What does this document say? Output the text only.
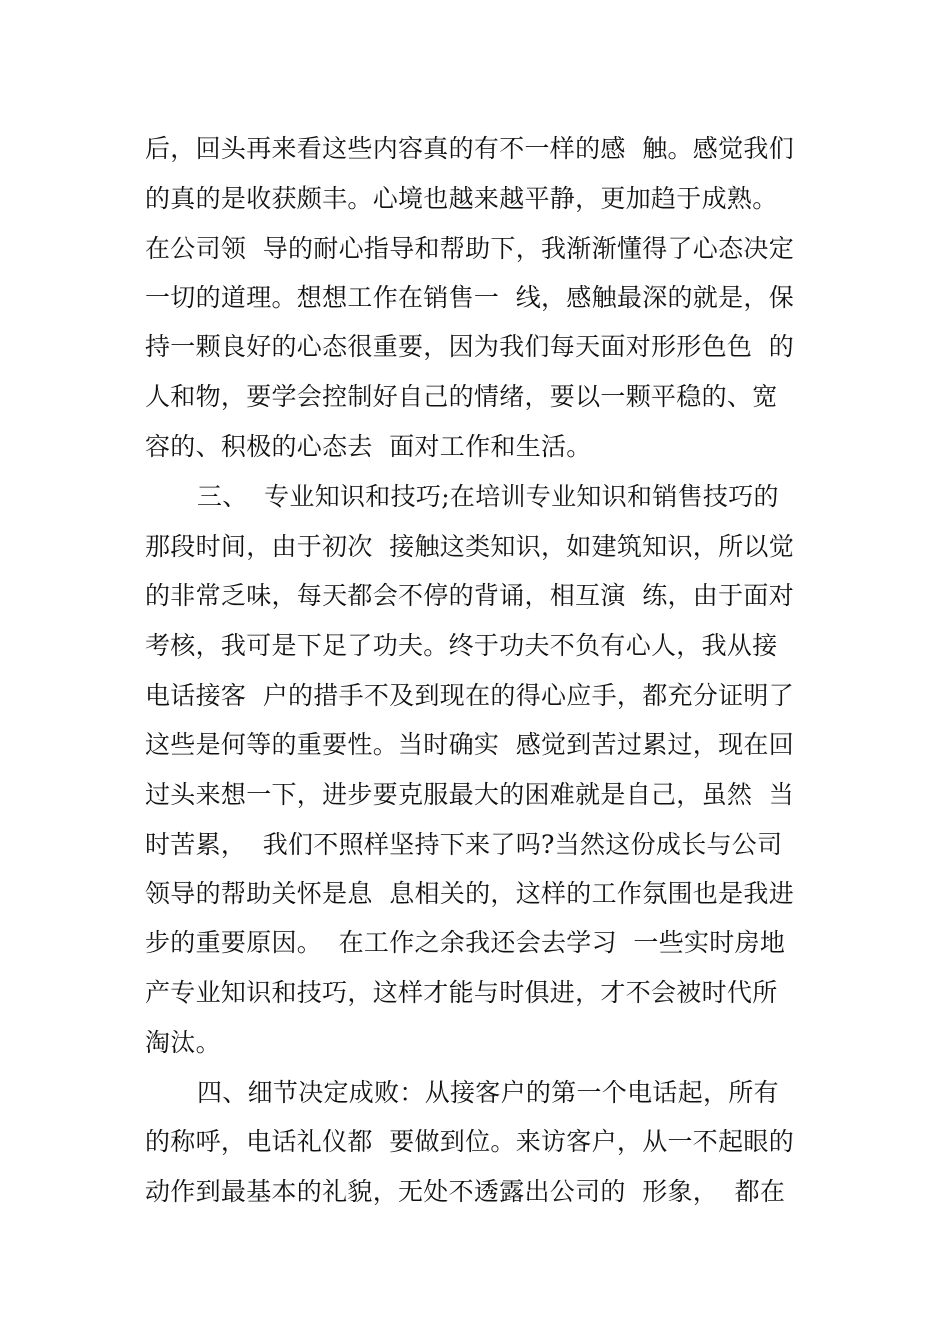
后，回头再来看这些内容真的有不一样的感  触。感觉我们
的真的是收获颇丰。心境也越来越平静，更加趋于成熟。
在公司领  导的耐心指导和帮助下，我渐渐懂得了心态决定
一切的道理。想想工作在销售一  线，感触最深的就是，保
持一颗良好的心态很重要，因为我们每天面对形形色色  的
人和物，要学会控制好自己的情绪，要以一颗平稳的、宽
容的、积极的心态去  面对工作和生活。
三、  专业知识和技巧;在培训专业知识和销售技巧的
那段时间，由于初次  接触这类知识，如建筑知识，所以觉
的非常乏味，每天都会不停的背诵，相互演  练，由于面对
考核，我可是下足了功夫。终于功夫不负有心人，我从接
电话接客  户的措手不及到现在的得心应手，都充分证明了
这些是何等的重要性。当时确实  感觉到苦过累过，现在回
过头来想一下，进步要克服最大的困难就是自己，虽然  当
时苦累，  我们不照样坚持下来了吗?当然这份成长与公司
领导的帮助关怀是息  息相关的，这样的工作氛围也是我进
步的重要原因。  在工作之余我还会去学习  一些实时房地
产专业知识和技巧，这样才能与时俱进，才不会被时代所
淘汰。
四、细节决定成败：从接客户的第一个电话起，所有
的称呼，电话礼仪都  要做到位。来访客户，从一不起眼的
动作到最基本的礼貌，无处不透露出公司的  形象，  都在
